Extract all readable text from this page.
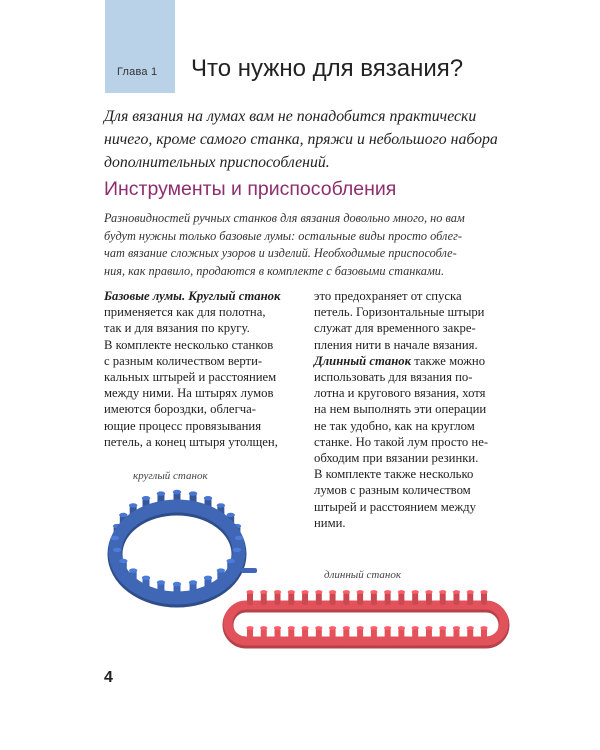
Глава 1 Что нужно для вязания?
Для вязания на лумах вам не понадобится практически
ничего, кроме самого станка, пряжи и небольшого набора
дополнительных приспособлений.
Инструменты и приспособления
Разновидностей ручных станков для вязания довольно много, но вам
будут нужны только базовые лумы: остальные виды просто облег-
чат вязание сложных узоров и изделий. Необходимые приспособле-
ния, как правило, продаются в комплекте с базовыми станками.
Базовые лумы. Круглый станок
применяется как для полотна,
так и для вязания по кругу.
В комплекте несколько станков
с разным количеством верти-
кальных штырей и расстоянием
между ними. На штырях лумов
имеются бороздки, облегча-
ющие процесс провязывания
петель, а конец штыря утолщен,
это предохраняет от спуска
петель. Горизонтальные штыри
служат для временного закре-
пления нити в начале вязания.
Длинный станок также можно
использовать для вязания по-
лотна и кругового вязания, хотя
на нем выполнять эти операции
не так удобно, как на круглом
станке. Но такой лум просто не-
обходим при вязании резинки.
В комплекте также несколько
лумов с разным количеством
штырей и расстоянием между
ними.
круглый станок
длинный станок
4
